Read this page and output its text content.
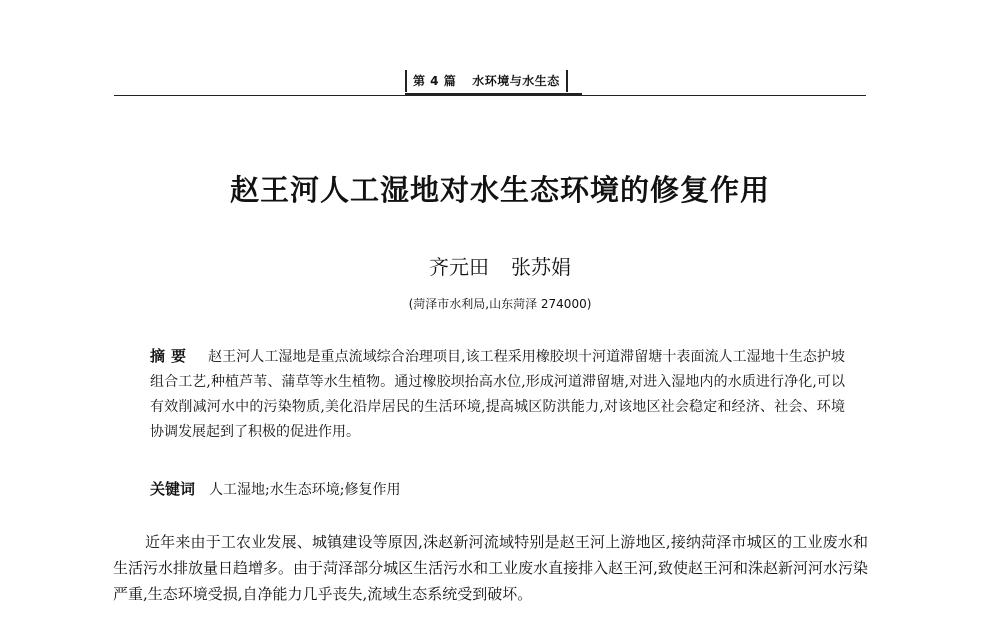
第 4 篇 水环境与水生态
赵王河人工湿地对水生态环境的修复作用
齐元田 张苏娟
(菏泽市水利局,山东菏泽 274000)
摘要 赵王河人工湿地是重点流域综合治理项目,该工程采用橡胶坝十河道滞留塘十表面流人工湿地十生态护坡组合工艺,种植芦苇、蒲草等水生植物。通过橡胶坝抬高水位,形成河道滞留塘,对进入湿地内的水质进行净化,可以有效削减河水中的污染物质,美化沿岸居民的生活环境,提高城区防洪能力,对该地区社会稳定和经济、社会、环境协调发展起到了积极的促进作用。
关键词 人工湿地;水生态环境;修复作用

近年来由于工农业发展、城镇建设等原因,洙赵新河流域特别是赵王河上游地区,接纳菏泽市城区的工业废水和生活污水排放量日趋增多。由于菏泽部分城区生活污水和工业废水直接排入赵王河,致使赵王河和洙赵新河河水污染严重,生态环境受损,自净能力几乎丧失,流域生态系统受到破坏。
